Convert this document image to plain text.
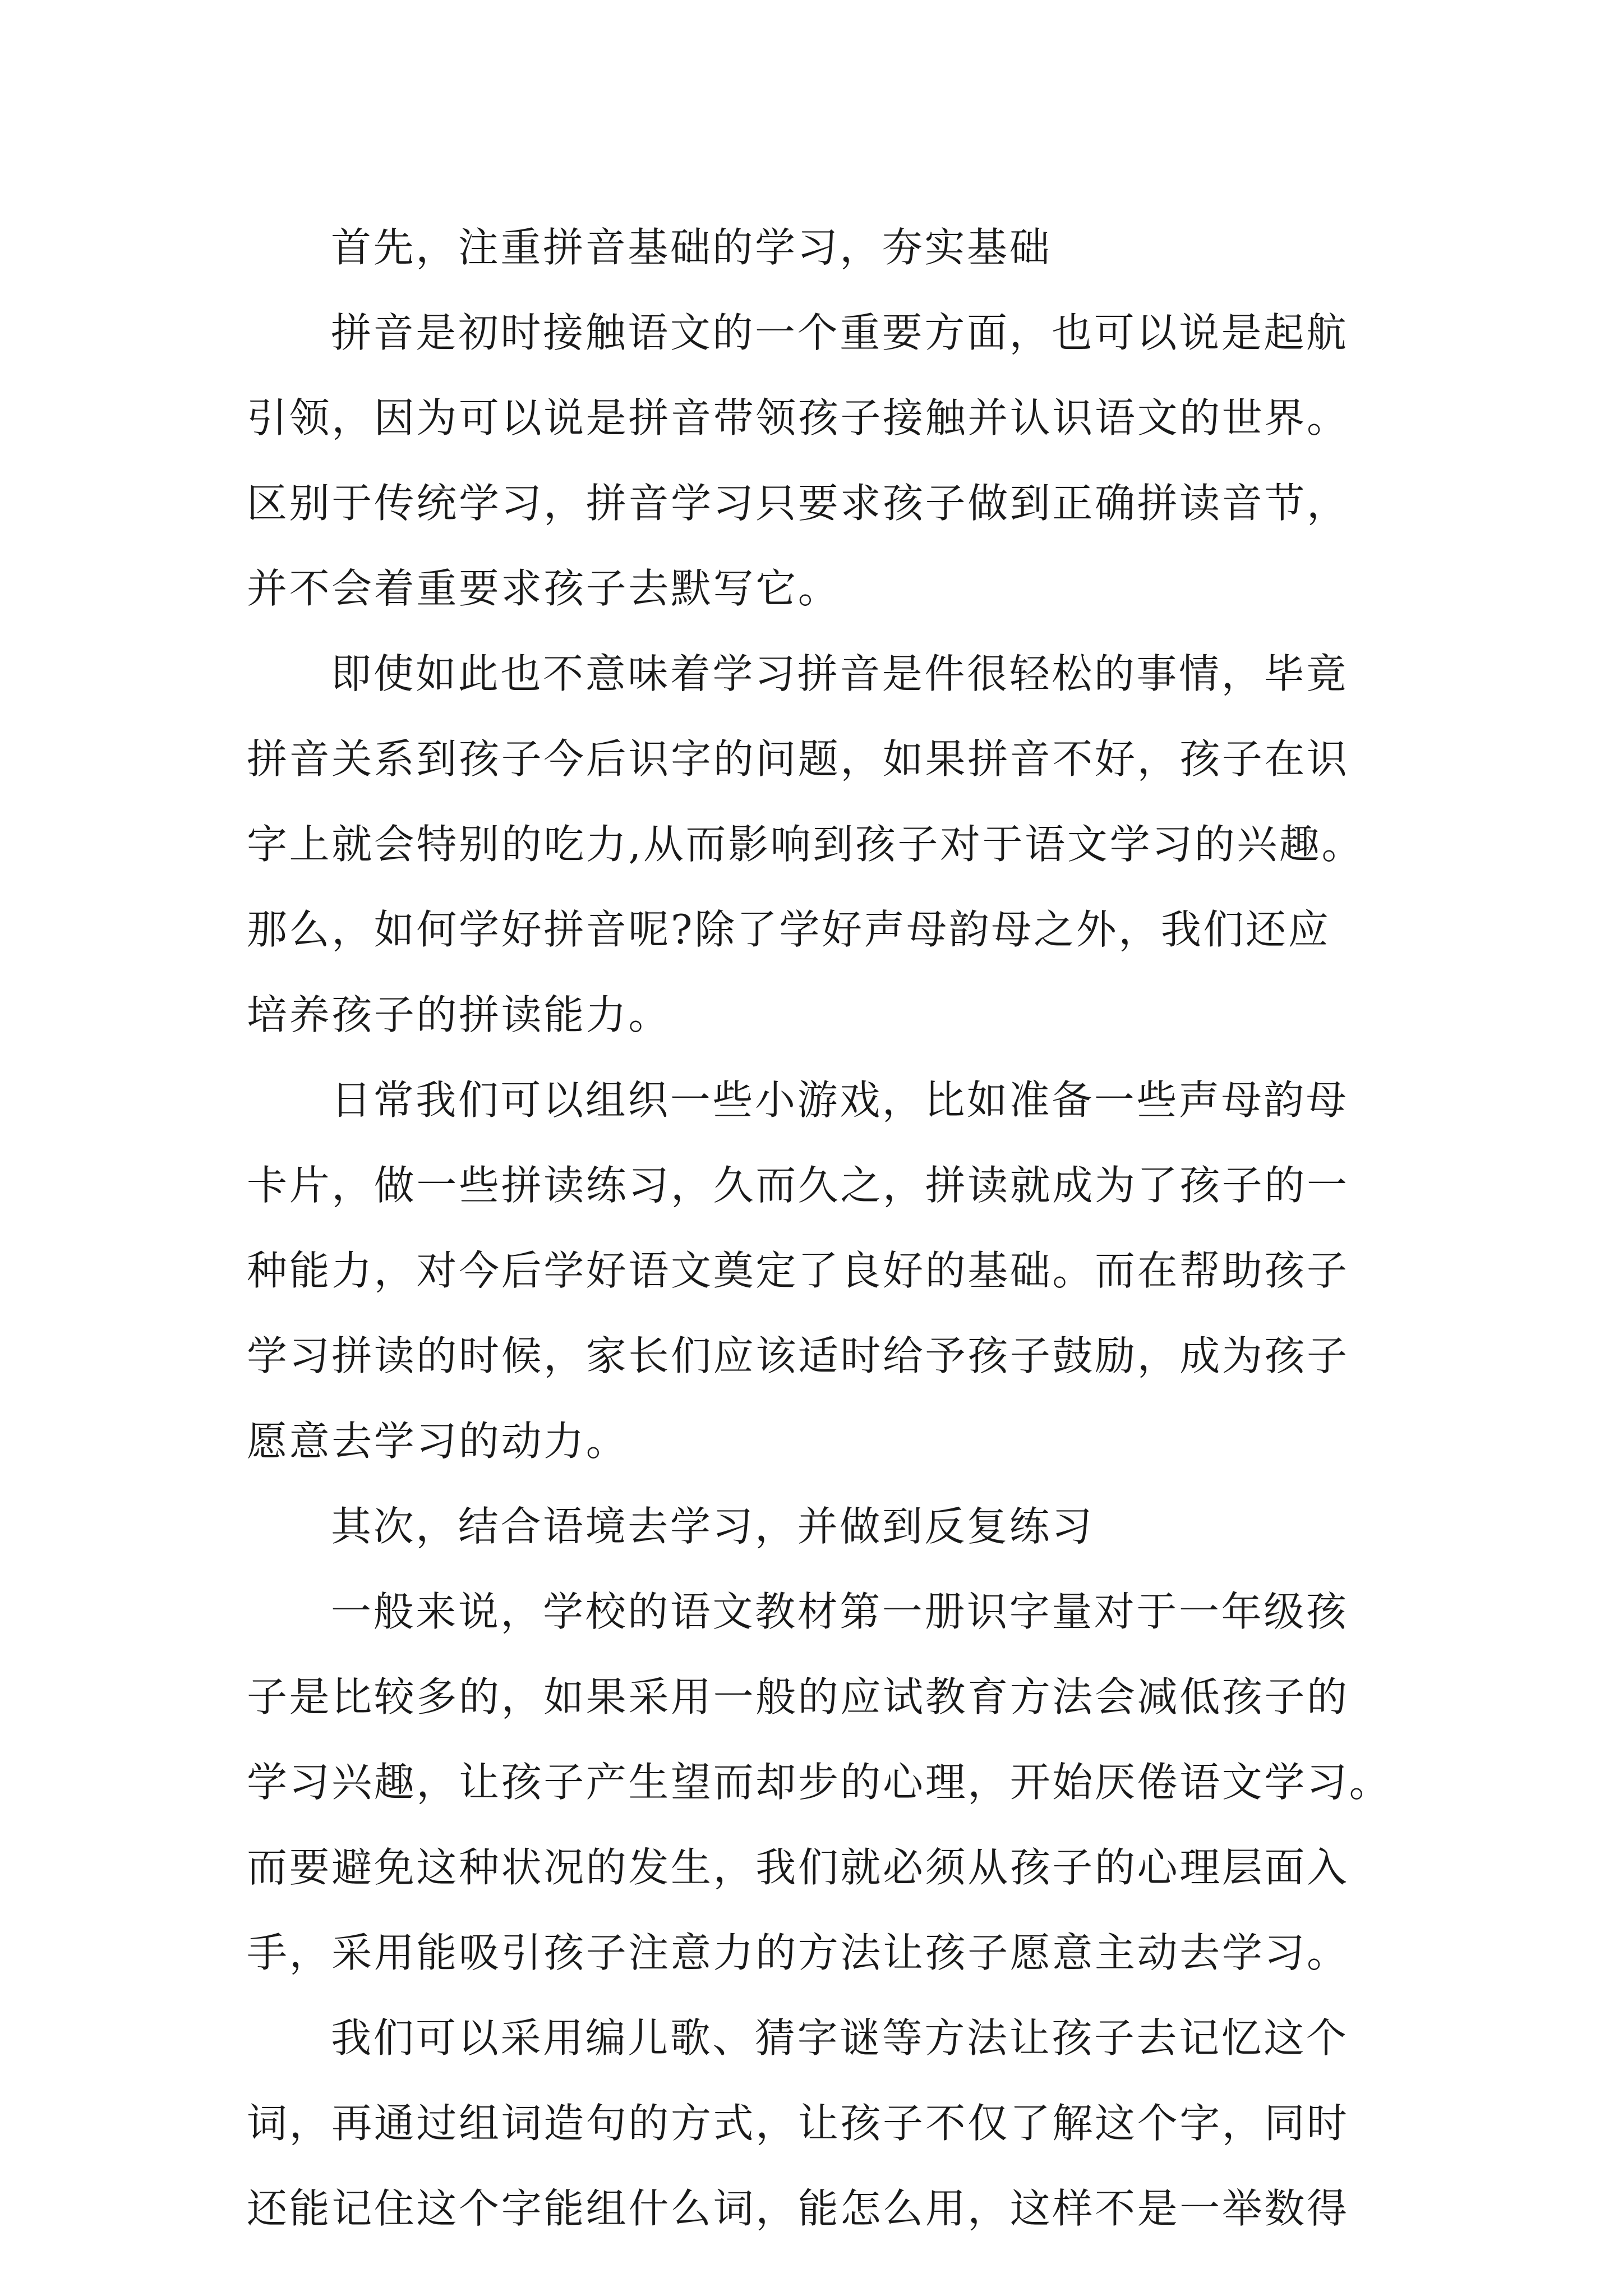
首先，注重拼音基础的学习，夯实基础
拼音是初时接触语文的一个重要方面，也可以说是起航
引领，因为可以说是拼音带领孩子接触并认识语文的世界。
区别于传统学习，拼音学习只要求孩子做到正确拼读音节，
并不会着重要求孩子去默写它。
即使如此也不意味着学习拼音是件很轻松的事情，毕竟
拼音关系到孩子今后识字的问题，如果拼音不好，孩子在识
字上就会特别的吃力,从而影响到孩子对于语文学习的兴趣。
那么，如何学好拼音呢?除了学好声母韵母之外，我们还应
培养孩子的拼读能力。
日常我们可以组织一些小游戏，比如准备一些声母韵母
卡片，做一些拼读练习，久而久之，拼读就成为了孩子的一
种能力，对今后学好语文奠定了良好的基础。而在帮助孩子
学习拼读的时候，家长们应该适时给予孩子鼓励，成为孩子
愿意去学习的动力。
其次，结合语境去学习，并做到反复练习
一般来说，学校的语文教材第一册识字量对于一年级孩
子是比较多的，如果采用一般的应试教育方法会减低孩子的
学习兴趣，让孩子产生望而却步的心理，开始厌倦语文学习。
而要避免这种状况的发生，我们就必须从孩子的心理层面入
手，采用能吸引孩子注意力的方法让孩子愿意主动去学习。
我们可以采用编儿歌、猜字谜等方法让孩子去记忆这个
词，再通过组词造句的方式，让孩子不仅了解这个字，同时
还能记住这个字能组什么词，能怎么用，这样不是一举数得
